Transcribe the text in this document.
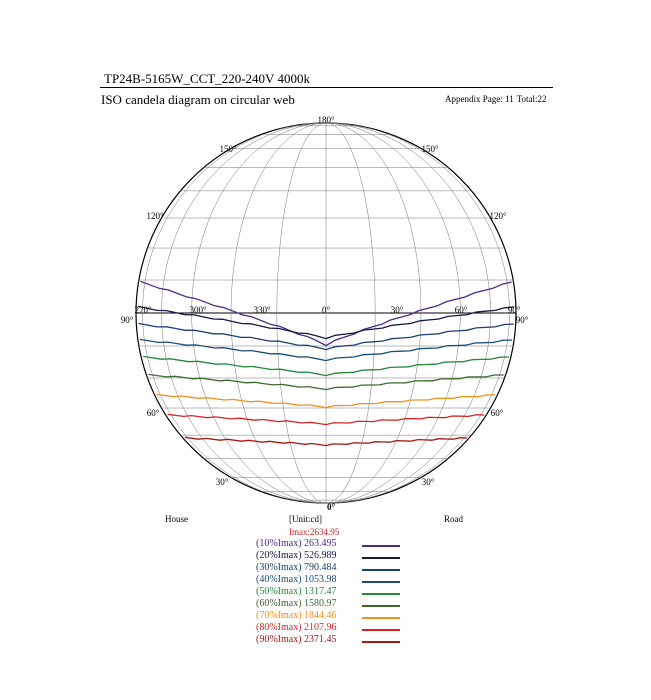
TP24B-5165W_CCT_220-240V 4000k
ISO candela diagram on circular web	Appendix Page: 11 Total:22
180°
0°
150°	150°
120°	120°
90°	90°
60°	60°
30°	30°
270°	300°	330°	0°	30°	60°	90°
House	Road
[Unit:cd]
Imax:2634.95
(10%Imax) 263.495
(20%Imax) 526.989
(30%Imax) 790.484
(40%Imax) 1053.98
(50%Imax) 1317.47
(60%Imax) 1580.97
(70%Imax) 1844.46
(80%Imax) 2107.96
(90%Imax) 2371.45
